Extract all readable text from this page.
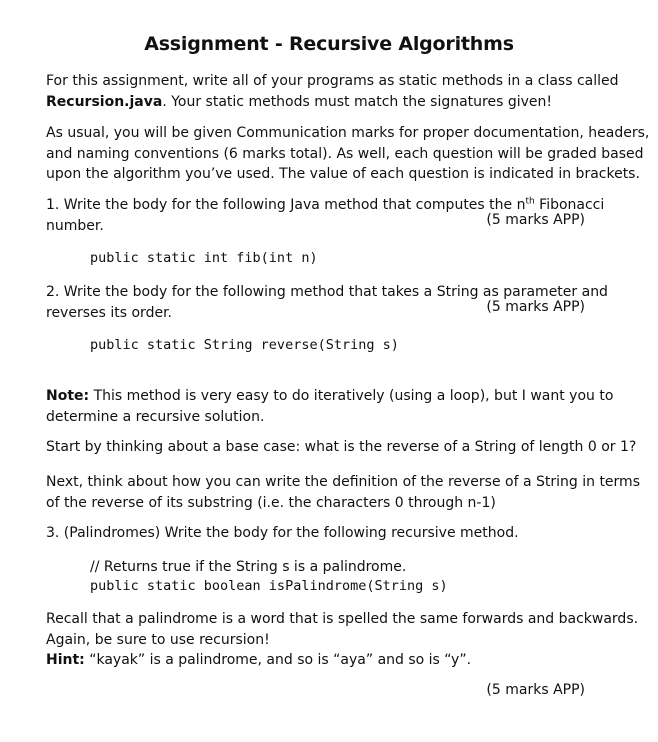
Assignment - Recursive Algorithms
For this assignment, write all of your programs as static methods in a class called
Recursion.java. Your static methods must match the signatures given!
As usual, you will be given Communication marks for proper documentation, headers,
and naming conventions (6 marks total). As well, each question will be graded based
upon the algorithm you’ve used. The value of each question is indicated in brackets.
1. Write the body for the following Java method that computes the $n^{th}$ Fibonacci
number.	(5 marks APP)
public static int fib(int n)
2. Write the body for the following method that takes a String as parameter and
reverses its order.	(5 marks APP)
public static String reverse(String s)
Note: This method is very easy to do iteratively (using a loop), but I want you to
determine a recursive solution.
Start by thinking about a base case: what is the reverse of a String of length 0 or 1?
Next, think about how you can write the definition of the reverse of a String in terms
of the reverse of its substring (i.e. the characters 0 through n-1)
3. (Palindromes) Write the body for the following recursive method.
// Returns true if the String s is a palindrome.
public static boolean isPalindrome(String s)
Recall that a palindrome is a word that is spelled the same forwards and backwards.
Again, be sure to use recursion!
Hint: “kayak” is a palindrome, and so is “aya” and so is “y”.
(5 marks APP)
